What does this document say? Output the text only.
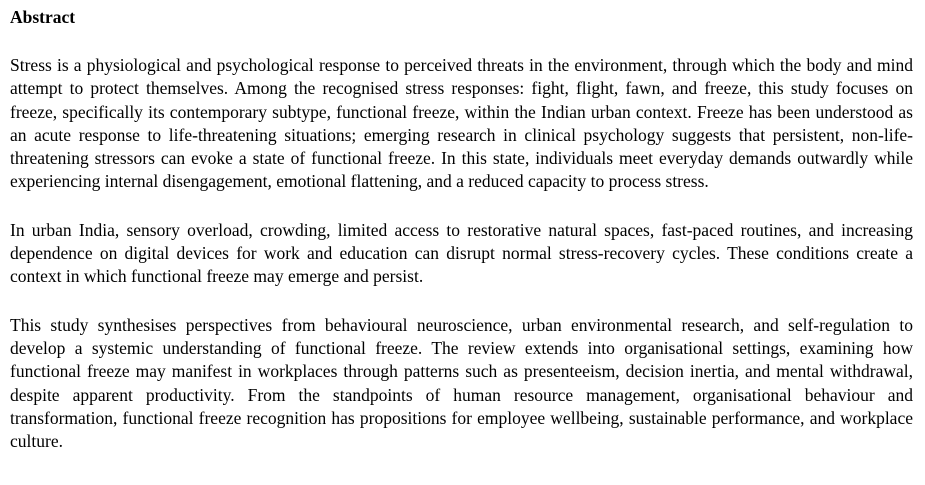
Abstract

Stress is a physiological and psychological response to perceived threats in the environment, through which the body and mind attempt to protect themselves. Among the recognised stress responses: fight, flight, fawn, and freeze, this study focuses on freeze, specifically its contemporary subtype, functional freeze, within the Indian urban context. Freeze has been understood as an acute response to life-threatening situations; emerging research in clinical psychology suggests that persistent, non-life-threatening stressors can evoke a state of functional freeze. In this state, individuals meet everyday demands outwardly while experiencing internal disengagement, emotional flattening, and a reduced capacity to process stress.

In urban India, sensory overload, crowding, limited access to restorative natural spaces, fast-paced routines, and increasing dependence on digital devices for work and education can disrupt normal stress-recovery cycles. These conditions create a context in which functional freeze may emerge and persist.

This study synthesises perspectives from behavioural neuroscience, urban environmental research, and self-regulation to develop a systemic understanding of functional freeze. The review extends into organisational settings, examining how functional freeze may manifest in workplaces through patterns such as presenteeism, decision inertia, and mental withdrawal, despite apparent productivity. From the standpoints of human resource management, organisational behaviour and transformation, functional freeze recognition has propositions for employee wellbeing, sustainable performance, and workplace culture.
